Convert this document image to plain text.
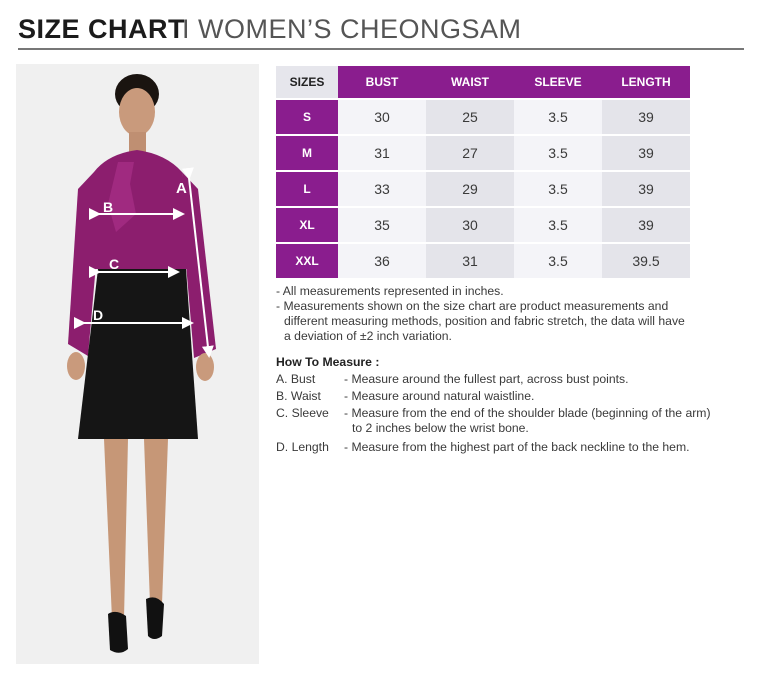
SIZE CHART
I WOMEN’S CHEONGSAM
A
B
C
D
SIZES	BUST	WAIST	SLEEVE	LENGTH
S	30	25	3.5	39
M	31	27	3.5	39
L	33	29	3.5	39
XL	35	30	3.5	39
XXL	36	31	3.5	39.5
- All measurements represented in inches.
- Measurements shown on the size chart are product measurements and
different measuring methods, position and fabric stretch, the data will have
a deviation of ±2 inch variation.
How To Measure :
A. Bust - Measure around the fullest part, across bust points.
B. Waist - Measure around natural waistline.
C. Sleeve - Measure from the end of the shoulder blade (beginning of the arm)
to 2 inches below the wrist bone.
D. Length - Measure from the highest part of the back neckline to the hem.
